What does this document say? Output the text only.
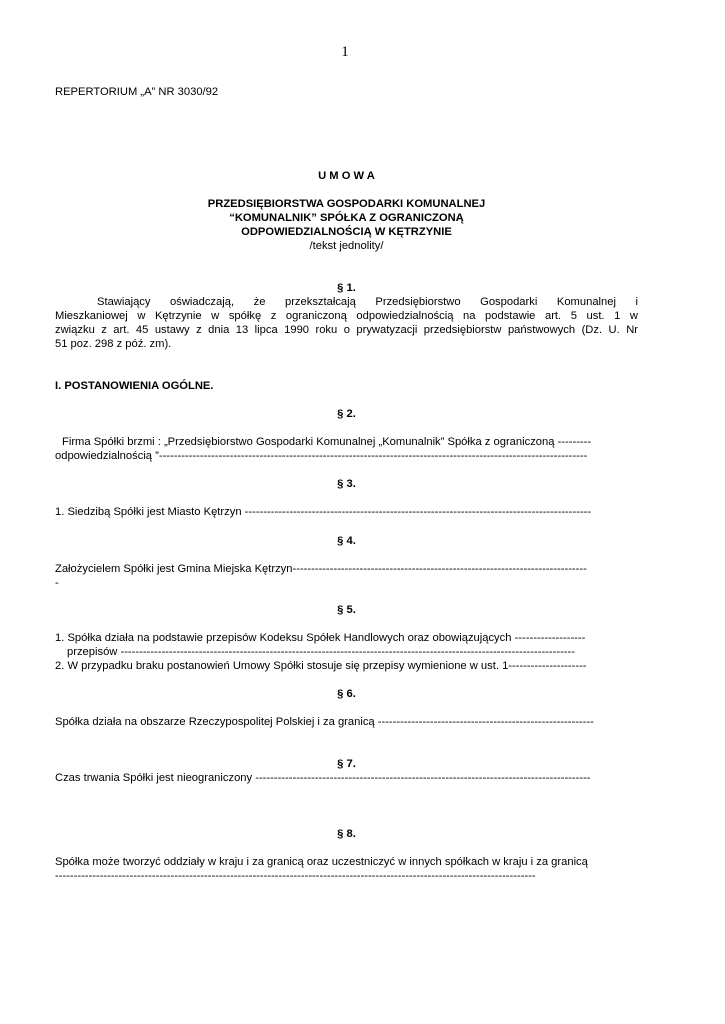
1
REPERTORIUM „A” NR 3030/92
U M O W A
PRZEDSIĘBIORSTWA GOSPODARKI KOMUNALNEJ
“KOMUNALNIK” SPÓŁKA Z OGRANICZONĄ
ODPOWIEDZIALNOŚCIĄ W KĘTRZYNIE
/tekst jednolity/
§ 1.
Stawiający oświadczają, że przekształcają Przedsiębiorstwo Gospodarki Komunalnej i
Mieszkaniowej w Kętrzynie w spółkę z ograniczoną odpowiedzialnością na podstawie art. 5 ust. 1 w
związku z art. 45 ustawy z dnia 13 lipca 1990 roku o prywatyzacji przedsiębiorstw państwowych (Dz. U. Nr
51 poz. 298 z póź. zm).
I. POSTANOWIENIA OGÓLNE.
§ 2.
Firma Spółki brzmi : „Przedsiębiorstwo Gospodarki Komunalnej „Komunalnik” Spółka z ograniczoną ---------
odpowiedzialnością ”-------------------------------------------------------------------------------------------------------------------
§ 3.
1. Siedzibą Spółki jest Miasto Kętrzyn ---------------------------------------------------------------------------------------------
§ 4.
Założycielem Spółki jest Gmina Miejska Kętrzyn-------------------------------------------------------------------------------
-
§ 5.
1. Spółka działa na podstawie przepisów Kodeksu Spółek Handlowych oraz obowiązujących -------------------
przepisów --------------------------------------------------------------------------------------------------------------------------
2. W przypadku braku postanowień Umowy Spółki stosuje się przepisy wymienione w ust. 1---------------------
§ 6.
Spółka działa na obszarze Rzeczypospolitej Polskiej i za granicą ----------------------------------------------------------
§ 7.
Czas trwania Spółki jest nieograniczony ------------------------------------------------------------------------------------------
§ 8.
Spółka może tworzyć oddziały w kraju i za granicą oraz uczestniczyć w innych spółkach w kraju i za granicą
---------------------------------------------------------------------------------------------------------------------------------
